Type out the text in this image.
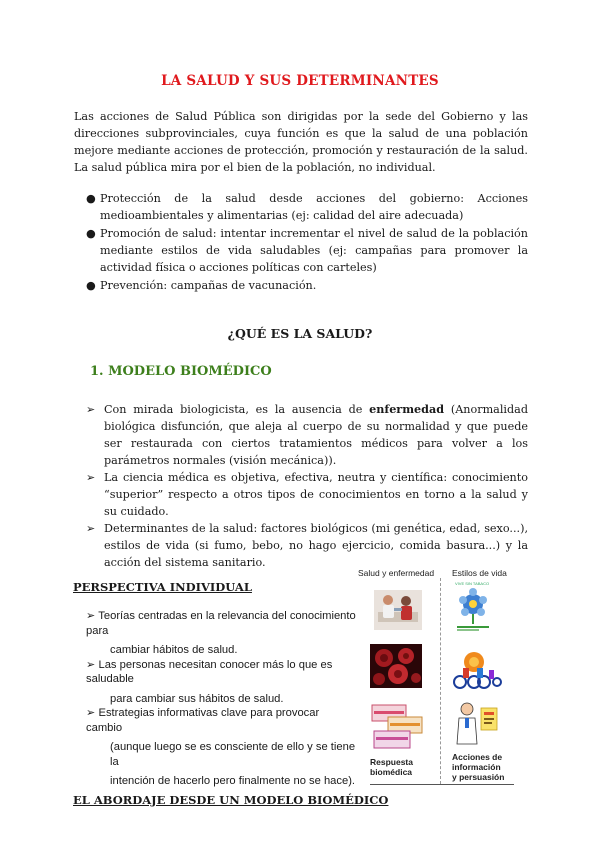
LA SALUD Y SUS DETERMINANTES
Las acciones de Salud Pública son dirigidas por la sede del Gobierno y las direcciones subprovinciales, cuya función es que la salud de una población mejore mediante acciones de protección, promoción y restauración de la salud. La salud pública mira por el bien de la población, no individual.
● Protección de la salud desde acciones del gobierno: Acciones medioambientales y alimentarias (ej: calidad del aire adecuada)
● Promoción de salud: intentar incrementar el nivel de salud de la población mediante estilos de vida saludables (ej: campañas para promover la actividad física o acciones políticas con carteles)
● Prevención: campañas de vacunación.
¿QUÉ ES LA SALUD?
1. MODELO BIOMÉDICO
➢ Con mirada biologicista, es la ausencia de enfermedad (Anormalidad biológica disfunción, que aleja al cuerpo de su normalidad y que puede ser restaurada con ciertos tratamientos médicos para volver a los parámetros normales (visión mecánica)).
➢ La ciencia médica es objetiva, efectiva, neutra y científica: conocimiento “superior” respecto a otros tipos de conocimientos en torno a la salud y su cuidado.
➢ Determinantes de la salud: factores biológicos (mi genética, edad, sexo...), estilos de vida (si fumo, bebo, no hago ejercicio, comida basura...) y la acción del sistema sanitario.
PERSPECTIVA INDIVIDUAL

➢ Teorías centradas en la relevancia del conocimiento para

cambiar hábitos de salud.

➢ Las personas necesitan conocer más lo que es saludable

para cambiar sus hábitos de salud.

➢ Estrategias informativas clave para provocar cambio

(aunque luego se es consciente de ello y se tiene la

intención de hacerlo pero finalmente no se hace).

EL ABORDAJE DESDE UN MODELO BIOMÉDICO
Salud y enfermedad Estilos de vida
VIVE SIN TABACO
Respuesta
biomédica
Acciones de
información
y persuasión
